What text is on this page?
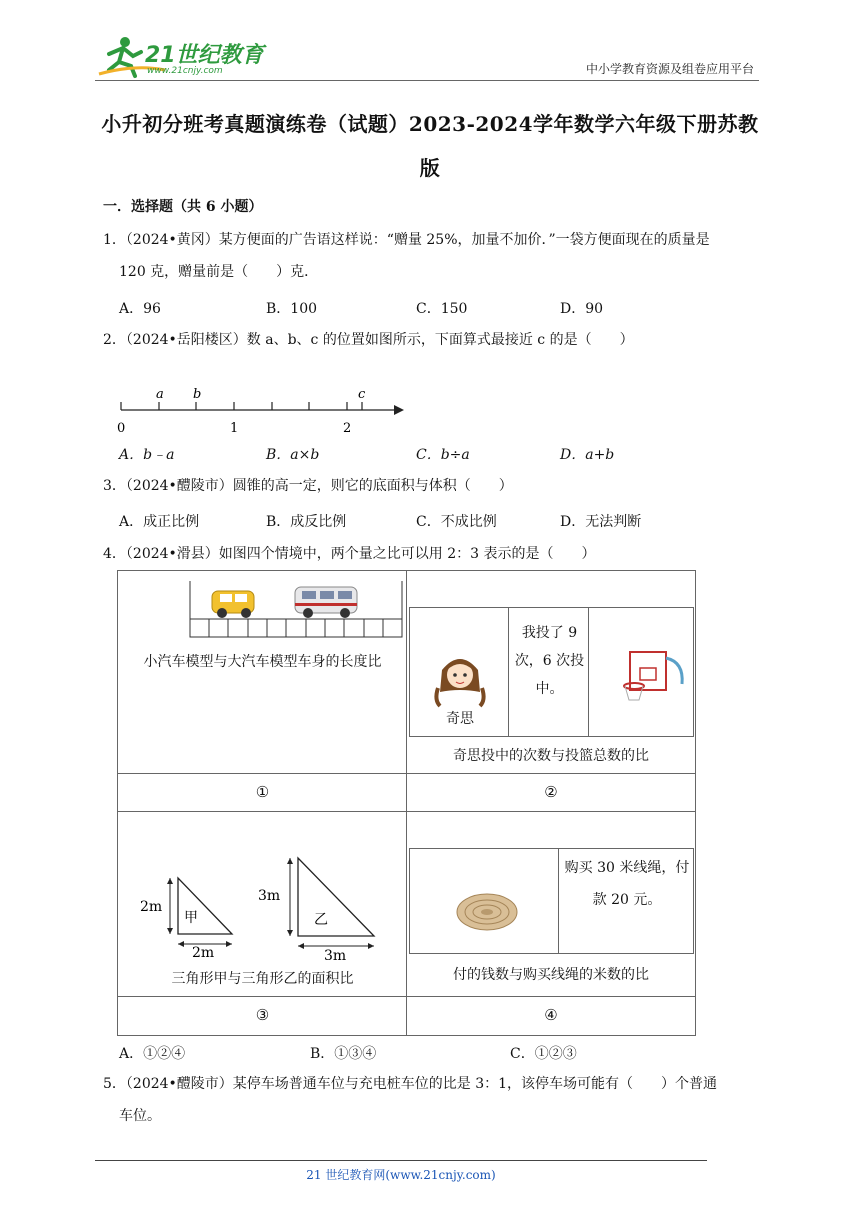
21世纪教育
www.21cnjy.com	中小学教育资源及组卷应用平台
小升初分班考真题演练卷（试题）2023-2024学年数学六年级下册苏教
版
一．选择题（共 6 小题）
1．（2024•黄冈）某方便面的广告语这样说：“赠量 25%，加量不加价．”一袋方便面现在的质量是
120 克，赠量前是（　　）克．
A．96	B．100	C．150	D．90
2．（2024•岳阳楼区）数 a、b、c 的位置如图所示，下面算式最接近 c 的是（　　）
a b	c
0	1	2
A．b﹣a	B．a×b	C．b÷a	D．a+b
3．（2024•醴陵市）圆锥的高一定，则它的底面积与体积（　　）
A．成正比例	B．成反比例	C．不成比例	D．无法判断
4．（2024•滑县）如图四个情境中，两个量之比可以用 2：3 表示的是（　　）
小汽车模型与大汽车模型车身的长度比
我投了 9
次，6 次投
中。
奇思
奇思投中的次数与投篮总数的比
①	②
2m
2m
甲
3m
3m
乙
三角形甲与三角形乙的面积比
购买 30 米线绳，付
款 20 元。
付的钱数与购买线绳的米数的比
③	④
A．①②④	B．①③④	C．①②③
5．（2024•醴陵市）某停车场普通车位与充电桩车位的比是 3：1，该停车场可能有（　　）个普通
车位。
21 世纪教育网(www.21cnjy.com)
